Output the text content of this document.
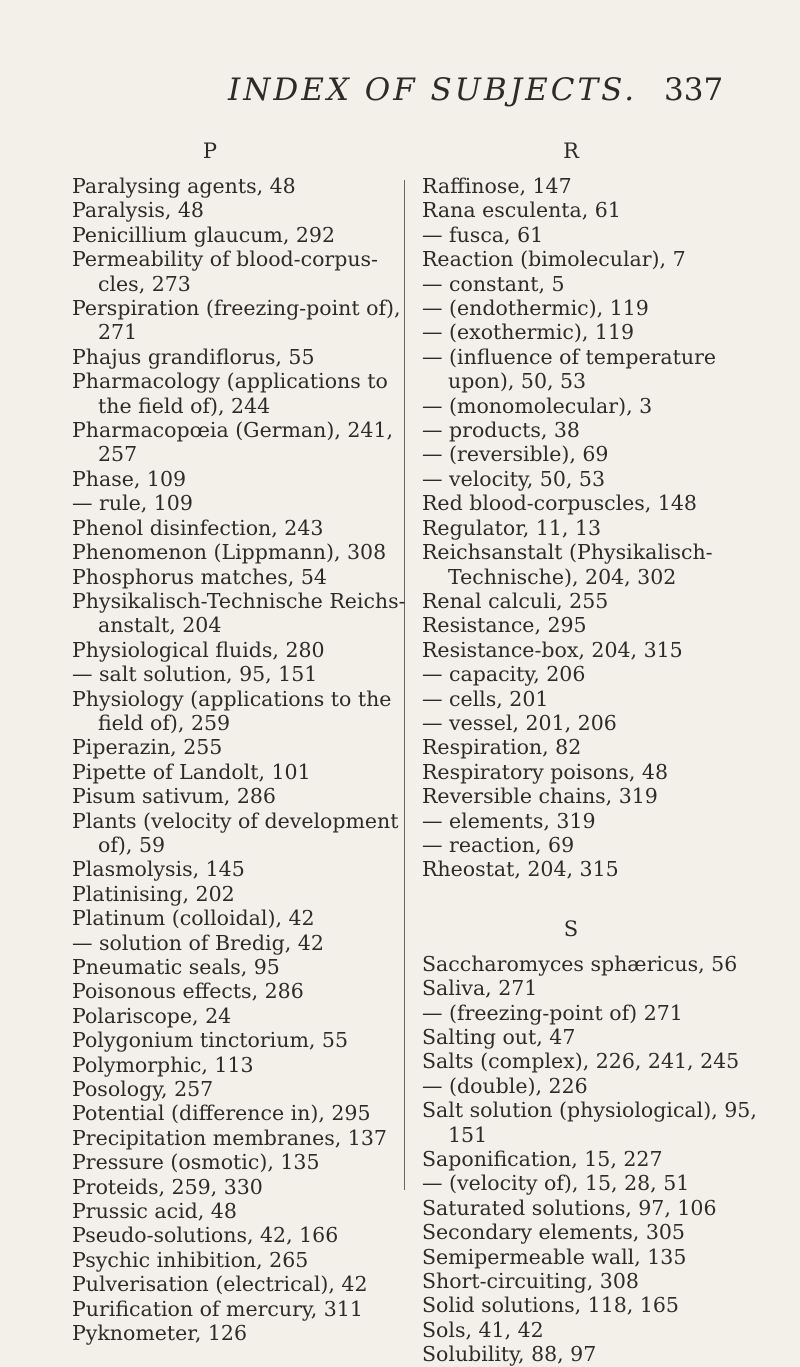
INDEX OF SUBJECTS. 337
P
Paralysing agents, 48
Paralysis, 48
Penicillium glaucum, 292
Permeability of blood-corpus-cles, 273
Perspiration (freezing-point of), 271
Phajus grandiflorus, 55
Pharmacology (applications to the field of), 244
Pharmacopœia (German), 241, 257
Phase, 109
— rule, 109
Phenol disinfection, 243
Phenomenon (Lippmann), 308
Phosphorus matches, 54
Physikalisch-Technische Reichs-anstalt, 204
Physiological fluids, 280
— salt solution, 95, 151
Physiology (applications to the field of), 259
Piperazin, 255
Pipette of Landolt, 101
Pisum sativum, 286
Plants (velocity of development of), 59
Plasmolysis, 145
Platinising, 202
Platinum (colloidal), 42
— solution of Bredig, 42
Pneumatic seals, 95
Poisonous effects, 286
Polariscope, 24
Polygonium tinctorium, 55
Polymorphic, 113
Posology, 257
Potential (difference in), 295
Precipitation membranes, 137
Pressure (osmotic), 135
Proteids, 259, 330
Prussic acid, 48
Pseudo-solutions, 42, 166
Psychic inhibition, 265
Pulverisation (electrical), 42
Purification of mercury, 311
Pyknometer, 126
R
Raffinose, 147
Rana esculenta, 61
— fusca, 61
Reaction (bimolecular), 7
— constant, 5
— (endothermic), 119
— (exothermic), 119
— (influence of temperature upon), 50, 53
— (monomolecular), 3
— products, 38
— (reversible), 69
— velocity, 50, 53
Red blood-corpuscles, 148
Regulator, 11, 13
Reichsanstalt (Physikalisch-Technische), 204, 302
Renal calculi, 255
Resistance, 295
Resistance-box, 204, 315
— capacity, 206
— cells, 201
— vessel, 201, 206
Respiration, 82
Respiratory poisons, 48
Reversible chains, 319
— elements, 319
— reaction, 69
Rheostat, 204, 315
S
Saccharomyces sphæricus, 56
Saliva, 271
— (freezing-point of) 271
Salting out, 47
Salts (complex), 226, 241, 245
— (double), 226
Salt solution (physiological), 95, 151
Saponification, 15, 227
— (velocity of), 15, 28, 51
Saturated solutions, 97, 106
Secondary elements, 305
Semipermeable wall, 135
Short-circuiting, 308
Solid solutions, 118, 165
Sols, 41, 42
Solubility, 88, 97
